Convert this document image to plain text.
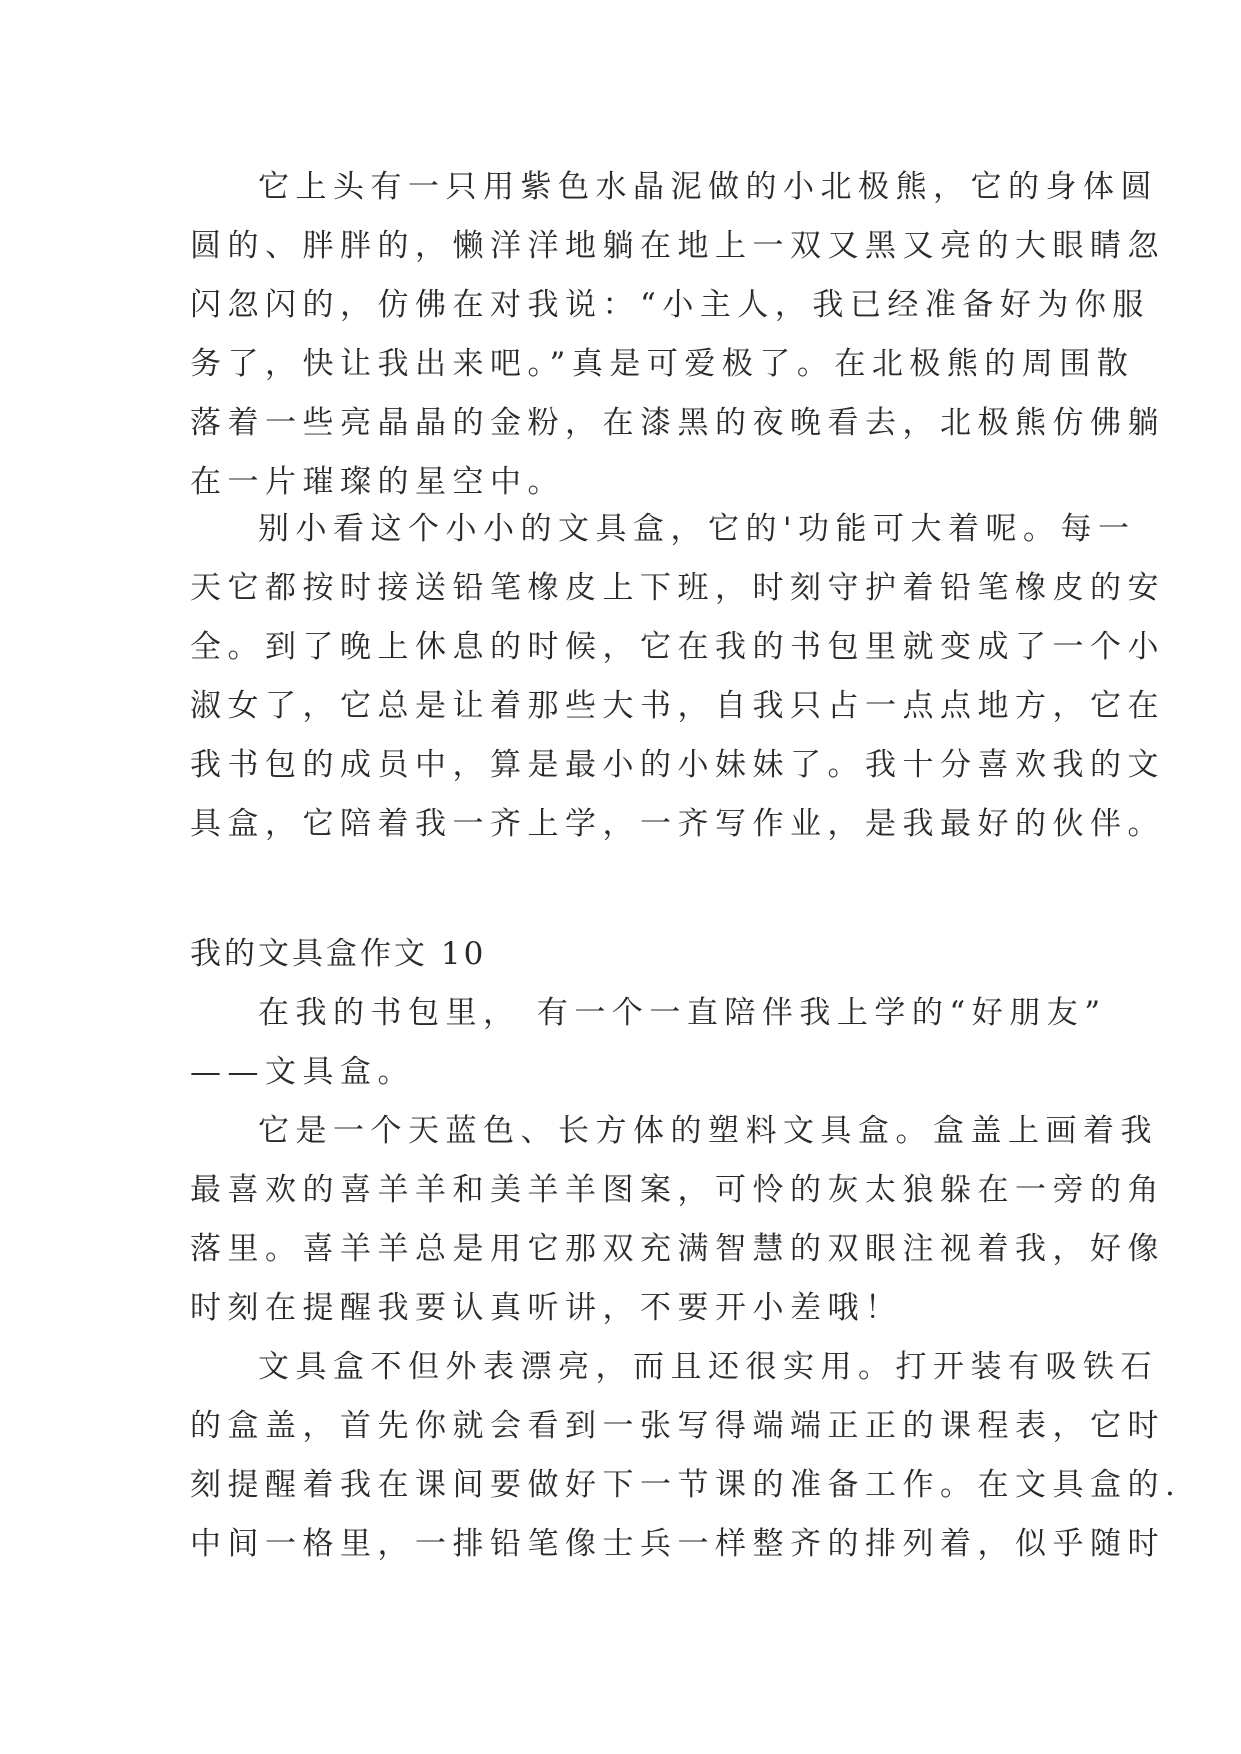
它上头有一只用紫色水晶泥做的小北极熊，它的身体圆
圆的、胖胖的，懒洋洋地躺在地上一双又黑又亮的大眼睛忽
闪忽闪的，仿佛在对我说：“小主人，我已经准备好为你服
务了，快让我出来吧。”真是可爱极了。在北极熊的周围散
落着一些亮晶晶的金粉，在漆黑的夜晚看去，北极熊仿佛躺
在一片璀璨的星空中。
别小看这个小小的文具盒，它的'功能可大着呢。每一
天它都按时接送铅笔橡皮上下班，时刻守护着铅笔橡皮的安
全。到了晚上休息的时候，它在我的书包里就变成了一个小
淑女了，它总是让着那些大书，自我只占一点点地方，它在
我书包的成员中，算是最小的小妹妹了。我十分喜欢我的文
具盒，它陪着我一齐上学，一齐写作业，是我最好的伙伴。
我的文具盒作文 10
在我的书包里， 有一个一直陪伴我上学的“好朋友”
——文具盒。
它是一个天蓝色、长方体的塑料文具盒。盒盖上画着我
最喜欢的喜羊羊和美羊羊图案，可怜的灰太狼躲在一旁的角
落里。喜羊羊总是用它那双充满智慧的双眼注视着我，好像
时刻在提醒我要认真听讲，不要开小差哦！
文具盒不但外表漂亮，而且还很实用。打开装有吸铁石
的盒盖，首先你就会看到一张写得端端正正的课程表，它时
刻提醒着我在课间要做好下一节课的准备工作。在文具盒的.
中间一格里，一排铅笔像士兵一样整齐的排列着，似乎随时
